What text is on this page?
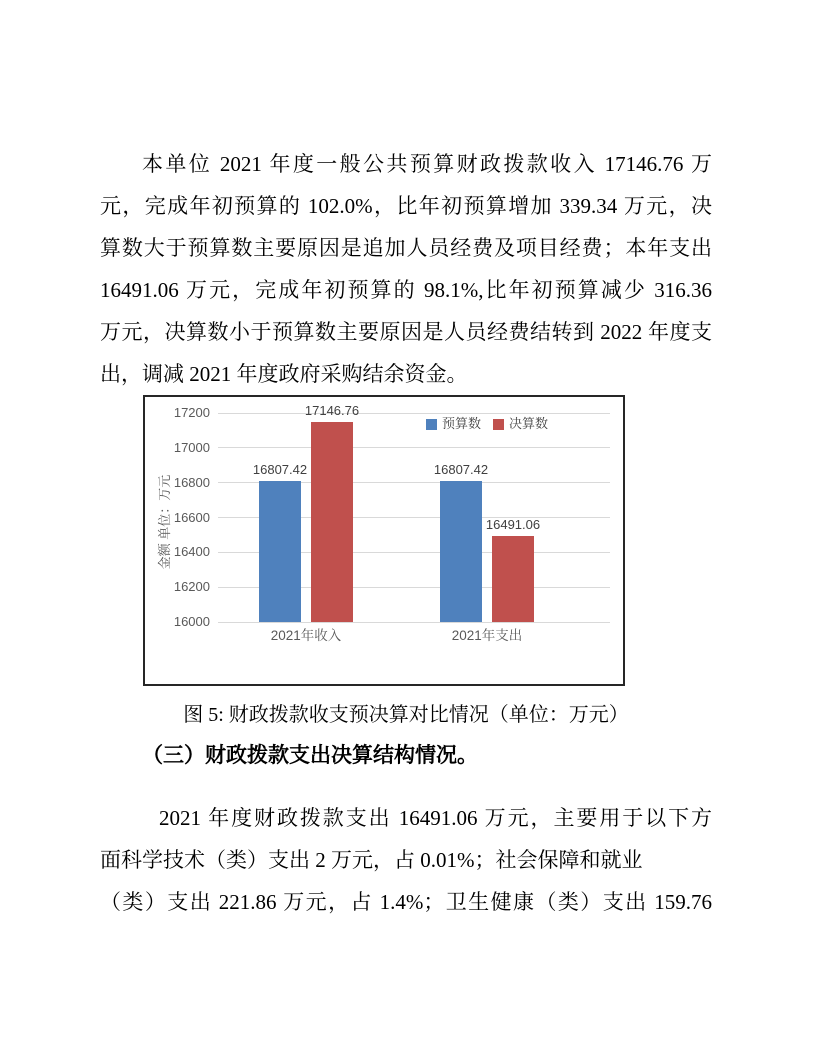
本单位 2021 年度一般公共预算财政拨款收入 17146.76 万
元，完成年初预算的 102.0%，比年初预算增加 339.34 万元，决
算数大于预算数主要原因是追加人员经费及项目经费；本年支出
16491.06 万元，完成年初预算的 98.1%,比年初预算减少 316.36
万元，决算数小于预算数主要原因是人员经费结转到 2022 年度支
出，调减 2021 年度政府采购结余资金。
16000
16200
16400
16600
16800
17000
17200
16807.42
17146.76
2021年收入
16807.42
16491.06
2021年支出
金额 单位：万元
预算数 决算数
图 5: 财政拨款收支预决算对比情况（单位：万元）
（三）财政拨款支出决算结构情况。
2021 年度财政拨款支出 16491.06 万元，主要用于以下方
面科学技术（类）支出 2 万元，占 0.01%；社会保障和就业
（类）支出 221.86 万元，占 1.4%；卫生健康（类）支出 159.76
